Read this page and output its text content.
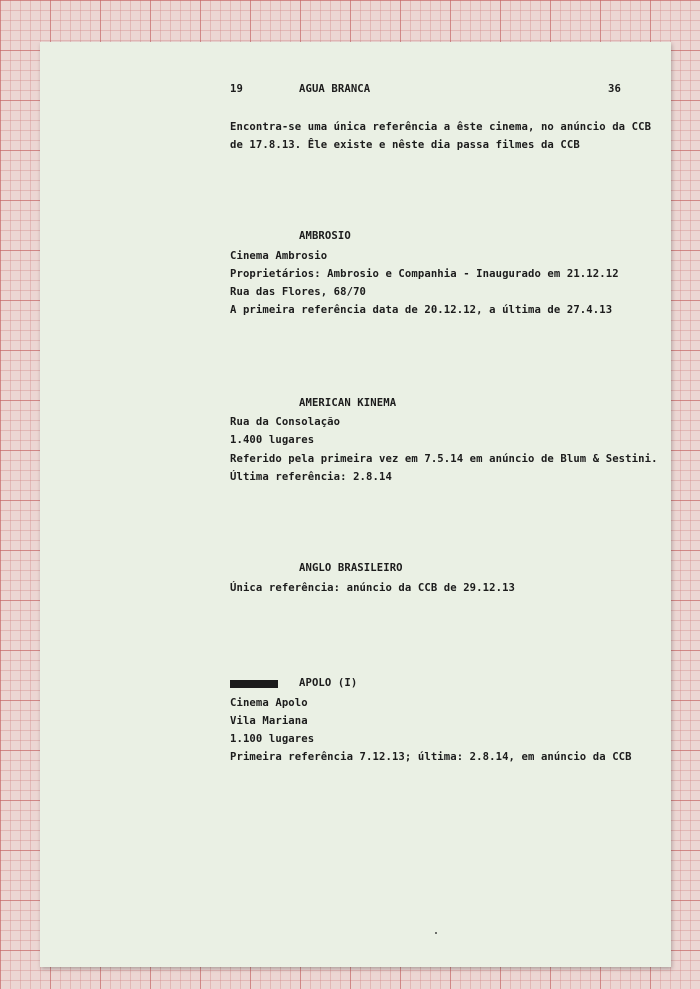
19	AGUA BRANCA	36
Encontra-se uma única referência a êste cinema, no anúncio da CCB
de 17.8.13. Êle existe e nêste dia passa filmes da CCB
AMBROSIO
Cinema Ambrosio
Proprietários: Ambrosio e Companhia - Inaugurado em 21.12.12
Rua das Flores, 68/70
A primeira referência data de 20.12.12, a última de 27.4.13
AMERICAN KINEMA
Rua da Consolação
1.400 lugares
Referido pela primeira vez em 7.5.14 em anúncio de Blum & Sestini.
Última referência: 2.8.14
ANGLO BRASILEIRO
Única referência: anúncio da CCB de 29.12.13
APOLO (I)
Cinema Apolo
Vila Mariana
1.100 lugares
Primeira referência 7.12.13; última: 2.8.14, em anúncio da CCB
